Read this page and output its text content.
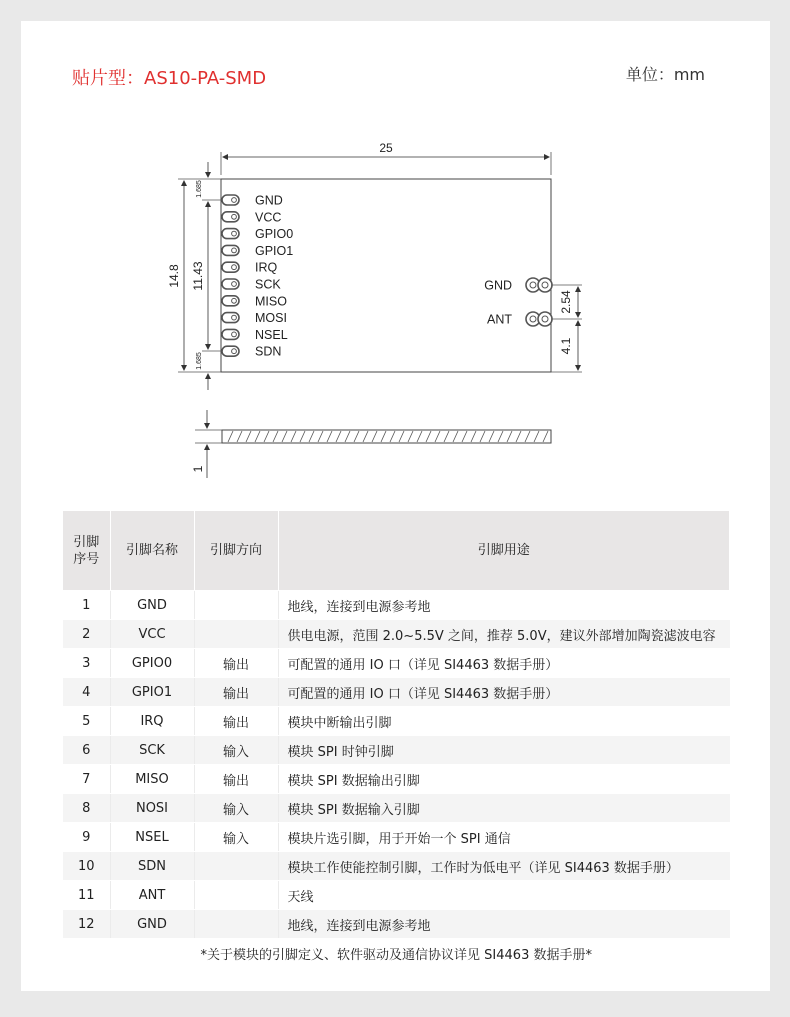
贴片型：AS10-PA-SMD	单位：mm
25
14.8 11.43
1.685
1.685
GND
VCC
GPIO0
GPIO1
IRQ
SCK
MISO
MOSI
NSEL
SDN
GND
ANT
2.54
4.1
1
引脚
序号	引脚名称	引脚方向	引脚用途
1	GND		地线，连接到电源参考地
2	VCC		供电电源，范围 2.0~5.5V 之间，推荐 5.0V，建议外部增加陶瓷滤波电容
3	GPIO0	输出	可配置的通用 IO 口（详见 SI4463 数据手册）
4	GPIO1	输出	可配置的通用 IO 口（详见 SI4463 数据手册）
5	IRQ	输出	模块中断输出引脚
6	SCK	输入	模块 SPI 时钟引脚
7	MISO	输出	模块 SPI 数据输出引脚
8	NOSI	输入	模块 SPI 数据输入引脚
9	NSEL	输入	模块片选引脚，用于开始一个 SPI 通信
10	SDN		模块工作使能控制引脚，工作时为低电平（详见 SI4463 数据手册）
11	ANT		天线
12	GND		地线，连接到电源参考地
*关于模块的引脚定义、软件驱动及通信协议详见 SI4463 数据手册*			
